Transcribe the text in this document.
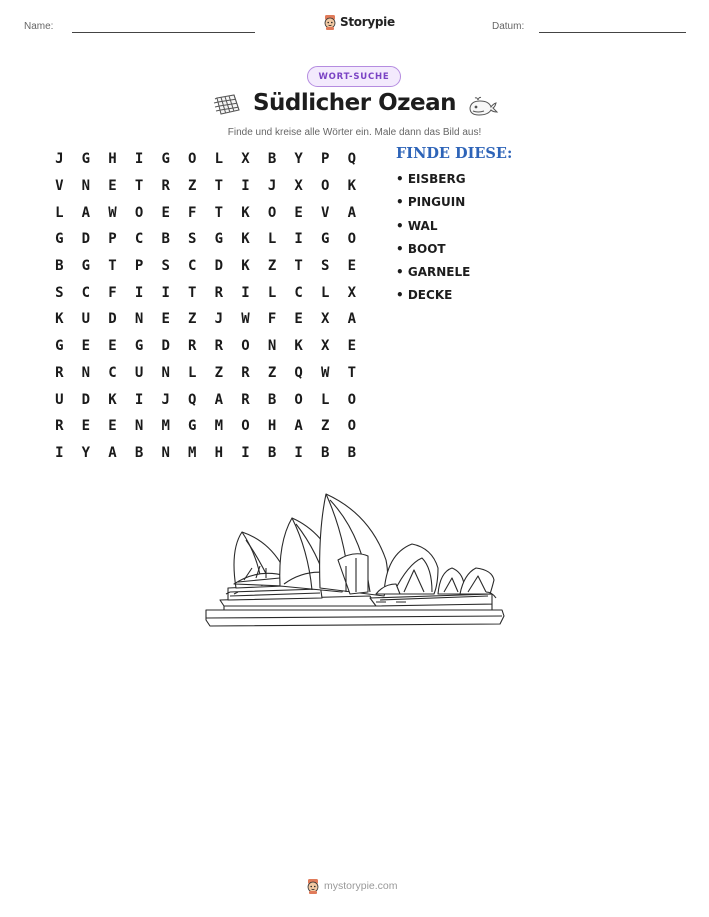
Name:	Storypie	Datum:
WORT-SUCHE
Südlicher Ozean
Finde und kreise alle Wörter ein. Male dann das Bild aus!
J	G	H	I	G	O	L	X	B	Y	P	Q
V	N	E	T	R	Z	T	I	J	X	O	K
L	A	W	O	E	F	T	K	O	E	V	A
G	D	P	C	B	S	G	K	L	I	G	O
B	G	T	P	S	C	D	K	Z	T	S	E
S	C	F	I	I	T	R	I	L	C	L	X
K	U	D	N	E	Z	J	W	F	E	X	A
G	E	E	G	D	R	R	O	N	K	X	E
R	N	C	U	N	L	Z	R	Z	Q	W	T
U	D	K	I	J	Q	A	R	B	O	L	O
R	E	E	N	M	G	M	O	H	A	Z	O
I	Y	A	B	N	M	H	I	B	I	B	B
FINDE DIESE:
• EISBERG
• PINGUIN
• WAL
• BOOT
• GARNELE
• DECKE
mystorypie.com
